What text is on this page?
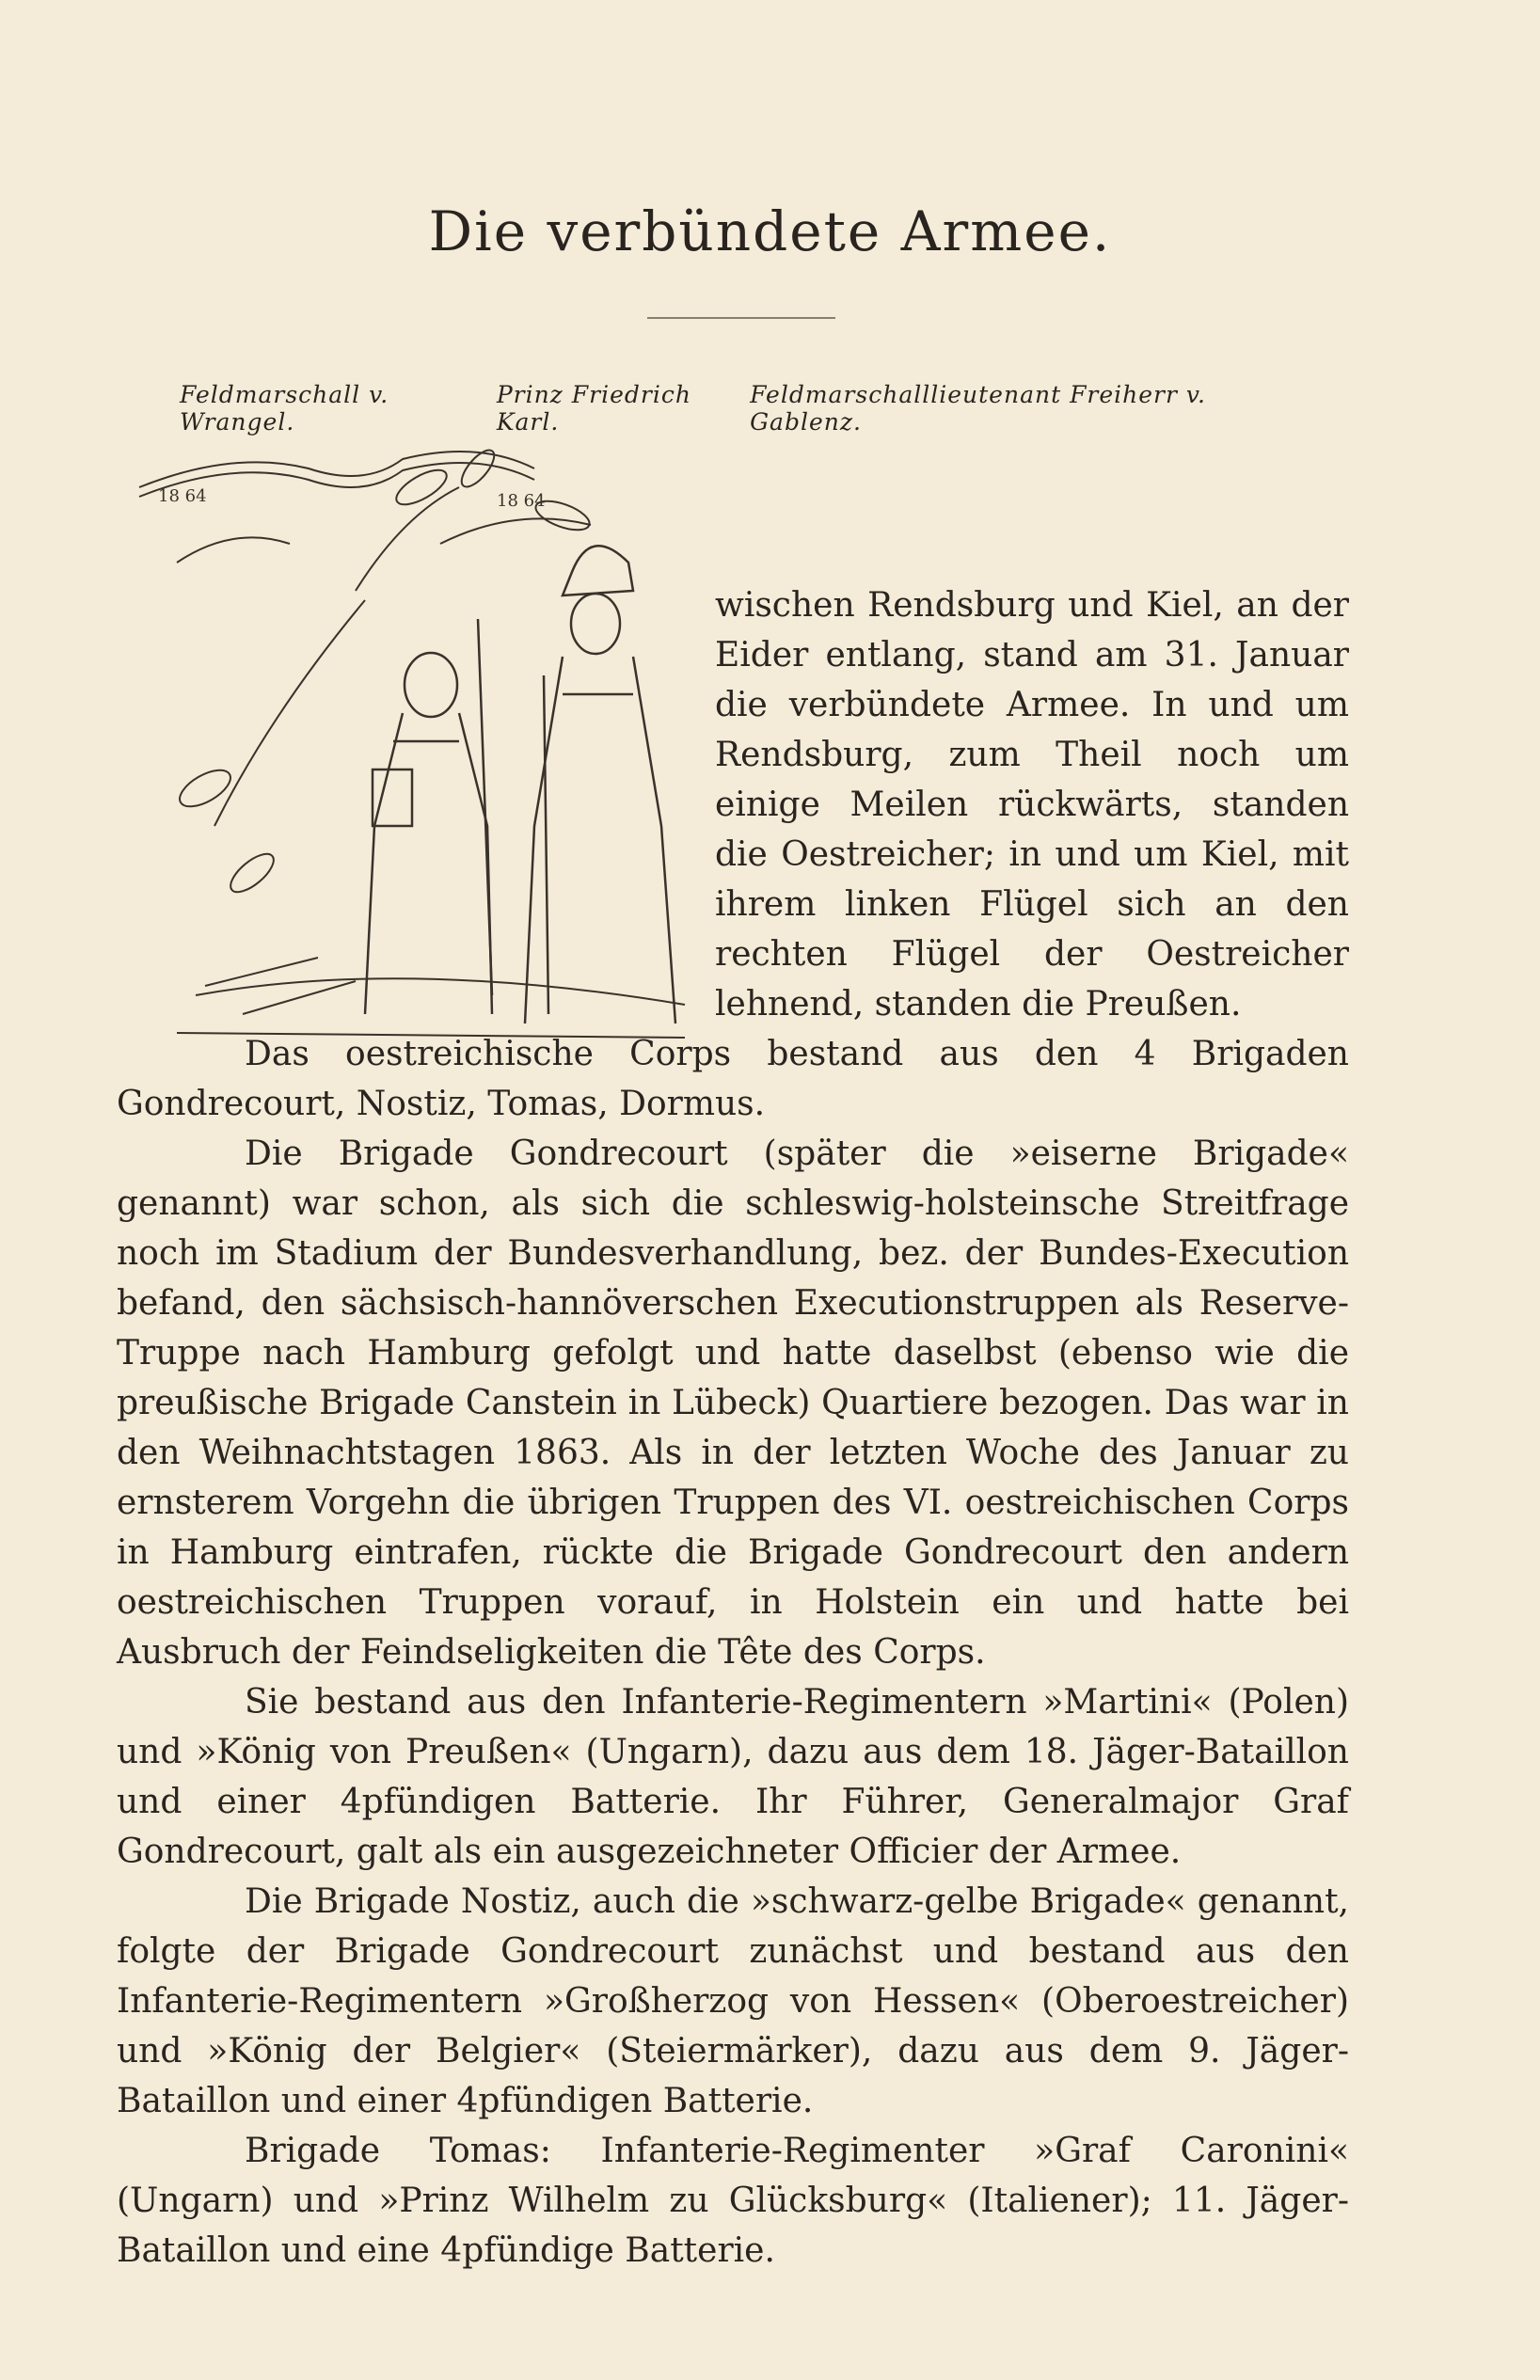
Die verbündete Armee.
Feldmarschall v. Wrangel.
Prinz Friedrich Karl.
Feldmarschalllieutenant Freiherr v. Gablenz.
18 64	18 64

wischen Rendsburg und Kiel, an der Eider entlang, stand am 31. Januar die verbündete Armee. In und um Rendsburg, zum Theil noch um einige Meilen rückwärts, standen die Oestreicher; in und um Kiel, mit ihrem linken Flügel sich an den rechten Flügel der Oestreicher lehnend, standen die Preußen.

Das oestreichische Corps bestand aus den 4 Brigaden Gondrecourt, Nostiz, Tomas, Dormus.

Die Brigade Gondrecourt (später die »eiserne Brigade« genannt) war schon, als sich die schleswig-holsteinsche Streitfrage noch im Stadium der Bundesverhandlung, bez. der Bundes-Execution befand, den sächsisch-hannöverschen Executionstruppen als Reserve-Truppe nach Hamburg gefolgt und hatte daselbst (ebenso wie die preußische Brigade Canstein in Lübeck) Quartiere bezogen. Das war in den Weihnachtstagen 1863. Als in der letzten Woche des Januar zu ernsterem Vorgehn die übrigen Truppen des VI. oestreichischen Corps in Hamburg eintrafen, rückte die Brigade Gondrecourt den andern oestreichischen Truppen vorauf, in Holstein ein und hatte bei Ausbruch der Feindseligkeiten die Tête des Corps.

Sie bestand aus den Infanterie-Regimentern »Martini« (Polen) und »König von Preußen« (Ungarn), dazu aus dem 18. Jäger-Bataillon und einer 4pfündigen Batterie. Ihr Führer, Generalmajor Graf Gondrecourt, galt als ein ausgezeichneter Officier der Armee.

Die Brigade Nostiz, auch die »schwarz-gelbe Brigade« genannt, folgte der Brigade Gondrecourt zunächst und bestand aus den Infanterie-Regimentern »Großherzog von Hessen« (Oberoestreicher) und »König der Belgier« (Steiermärker), dazu aus dem 9. Jäger-Bataillon und einer 4pfündigen Batterie.

Brigade Tomas: Infanterie-Regimenter »Graf Caronini« (Ungarn) und »Prinz Wilhelm zu Glücksburg« (Italiener); 11. Jäger-Bataillon und eine 4pfündige Batterie.
